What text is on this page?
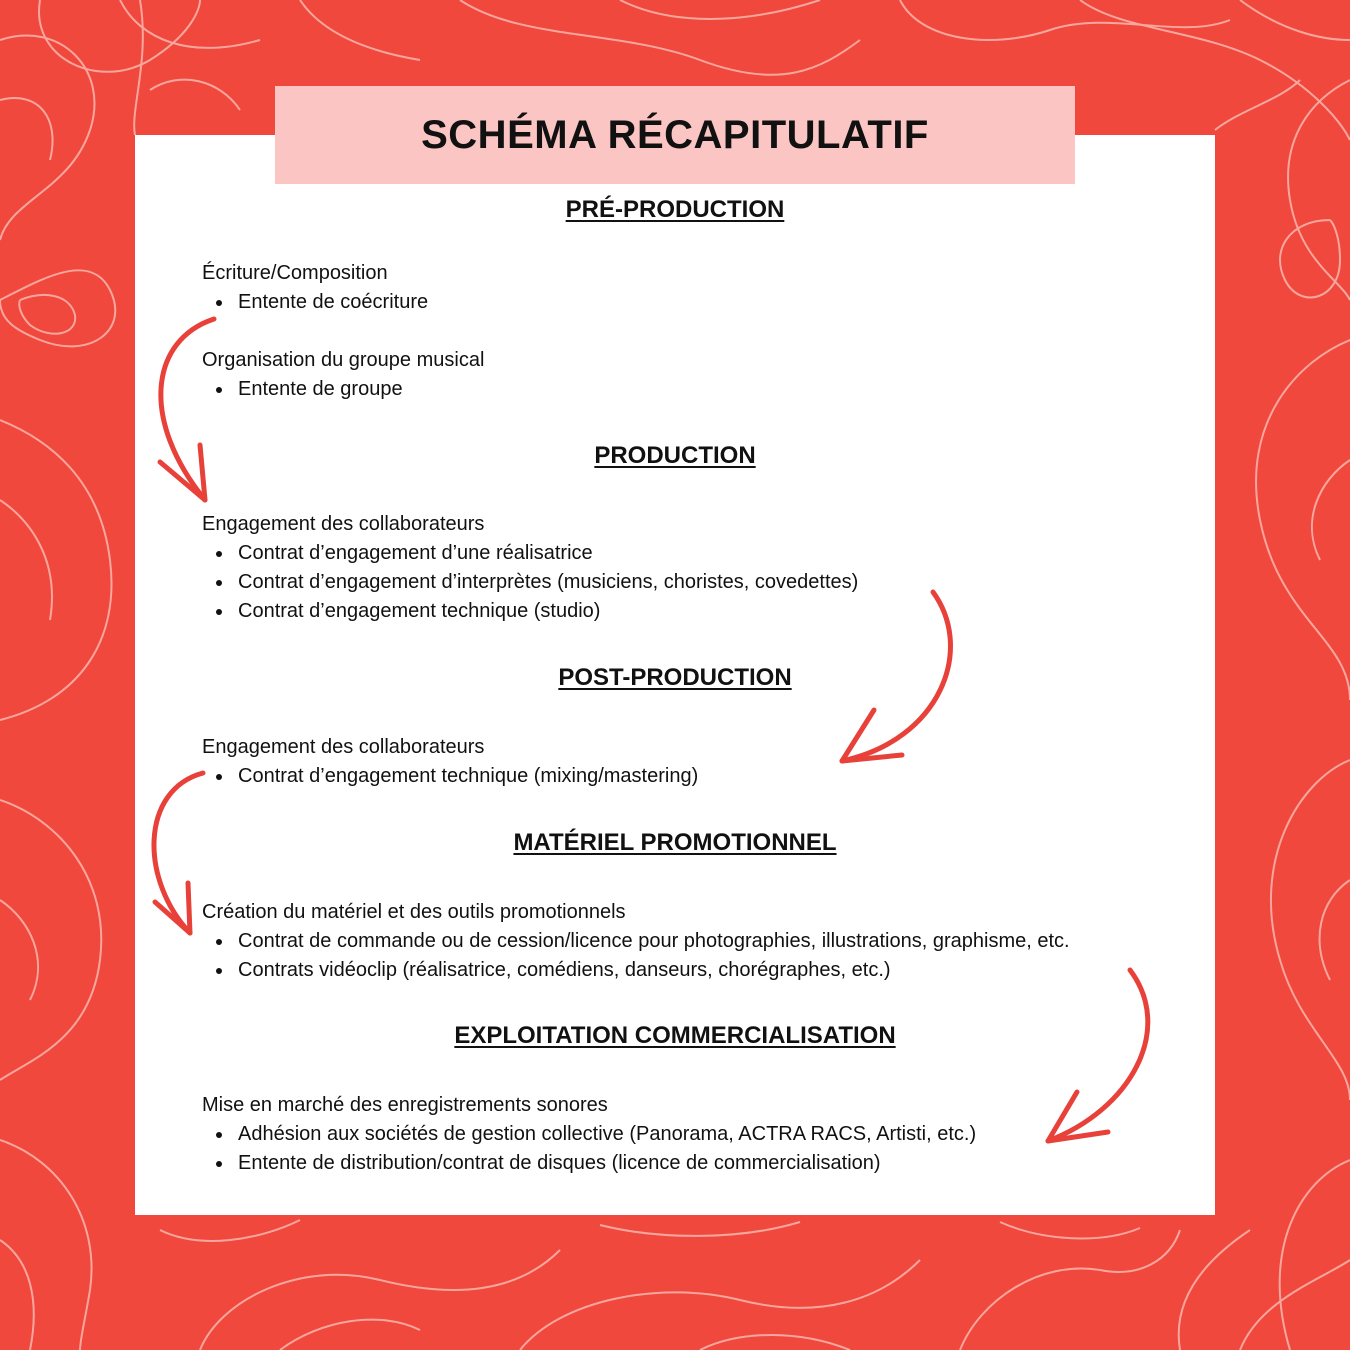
SCHÉMA RÉCAPITULATIF
PRÉ-PRODUCTION
Écriture/Composition
Entente de coécriture
Organisation du groupe musical
Entente de groupe
PRODUCTION
Engagement des collaborateurs
Contrat d’engagement d’une réalisatrice
Contrat d’engagement d’interprètes (musiciens, choristes, covedettes)
Contrat d’engagement technique (studio)
POST-PRODUCTION
Engagement des collaborateurs
Contrat d’engagement technique (mixing/mastering)
MATÉRIEL PROMOTIONNEL
Création du matériel et des outils promotionnels
Contrat de commande ou de cession/licence pour photographies, illustrations, graphisme, etc.
Contrats vidéoclip (réalisatrice, comédiens, danseurs, chorégraphes, etc.)
EXPLOITATION COMMERCIALISATION
Mise en marché des enregistrements sonores
Adhésion aux sociétés de gestion collective (Panorama, ACTRA RACS, Artisti, etc.)
Entente de distribution/contrat de disques (licence de commercialisation)
